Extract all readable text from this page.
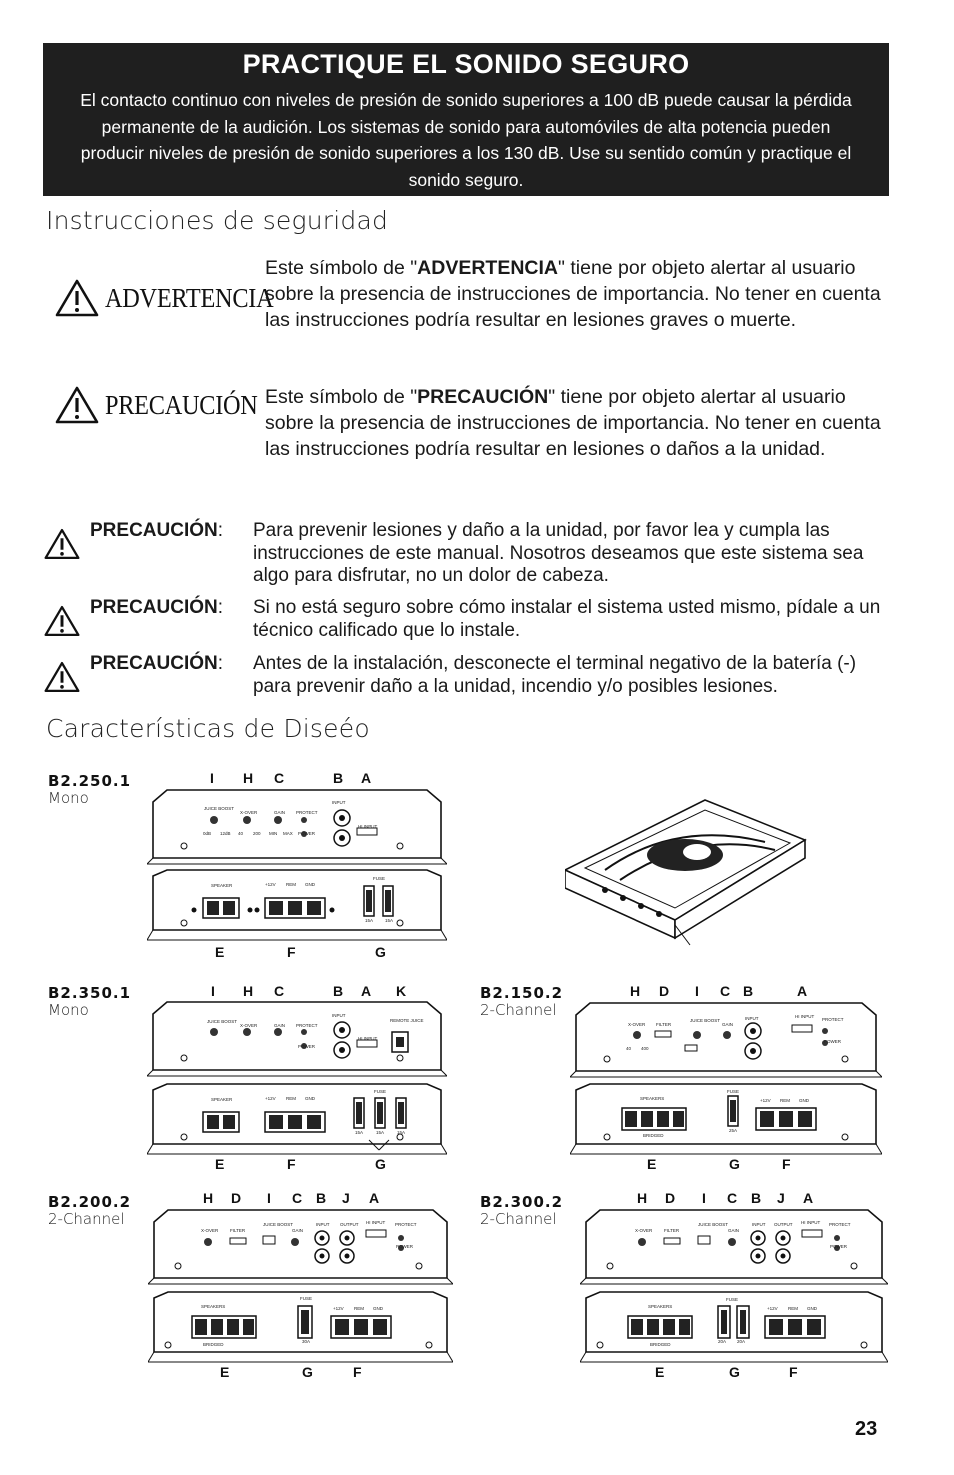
PRACTIQUE EL SONIDO SEGURO
El contacto continuo con niveles de presión de sonido superiores a 100 dB puede causar la pérdida permanente de la audición. Los sistemas de sonido para automóviles de alta potencia pueden producir niveles de presión de sonido superiores a los 130 dB. Use su sentido común y practique el sonido seguro.
Instrucciones de seguridad
ADVERTENCIA
Este símbolo de "ADVERTENCIA" tiene por objeto alertar al usuario sobre la presencia de instrucciones de importancia. No tener en cuenta las instrucciones podría resultar en lesiones graves o muerte.
PRECAUCIÓN Este símbolo de "PRECAUCIÓN" tiene por objeto alertar al usuario sobre la presencia de instrucciones de importancia. No tener en cuenta las instrucciones podría resultar en lesiones o daños a la unidad.
PRECAUCIÓN: Para prevenir lesiones y daño a la unidad, por favor lea y cumpla las instrucciones de este manual. Nosotros deseamos que este sistema sea algo para disfrutar, no un dolor de cabeza.
PRECAUCIÓN: Si no está seguro sobre cómo instalar el sistema usted mismo, pídale a un técnico calificado que lo instale.
PRECAUCIÓN: Antes de la instalación, desconecte el terminal negativo de la batería (-) para prevenir daño a la unidad, incendio y/o posibles lesiones.
Características de Diseéo
B2.250.1
Mono
I H C	B A
E	F	G
B2.350.1
Mono
I H C	B A K
E	F	G
B2.150.2
2-Channel
H D I C B	A
E	G	F
B2.200.2
2-Channel
H D I C B J A
E	G	F
B2.300.2
2-Channel
H D I C B J A
E	G	F
JUICE BOOST
X-OVER	GAIN PROTECT
INPUT
HI INPUT
POWER
0dB 12dB 40 200 MIN MAX
SPEAKER	+12V REM GND
FUSE
15A	15A
JUICE BOOST
X-OVER	GAIN PROTECT
INPUT
HI INPUT
REMOTE JUICE
POWER
SPEAKER	+12V REM GND
FUSE
15A	15A	15A
X-OVER FILTER
JUICE BOOST
GAIN
INPUT	HI INPUT
PROTECT
POWER
40 400
SPEAKERS
BRIDGED
FUSE
25A
+12V REM GND
X-OVER	FILTER
JUICE BOOST
GAIN
INPUT OUTPUT HI INPUT PROTECT
POWER
SPEAKERS
BRIDGED
FUSE
30A
+12V REM GND
X-OVER	FILTER
JUICE BOOST
GAIN
INPUT OUTPUT HI INPUT PROTECT
POWER
SPEAKERS
BRIDGED
FUSE
20A 20A
+12V REM GND
23
